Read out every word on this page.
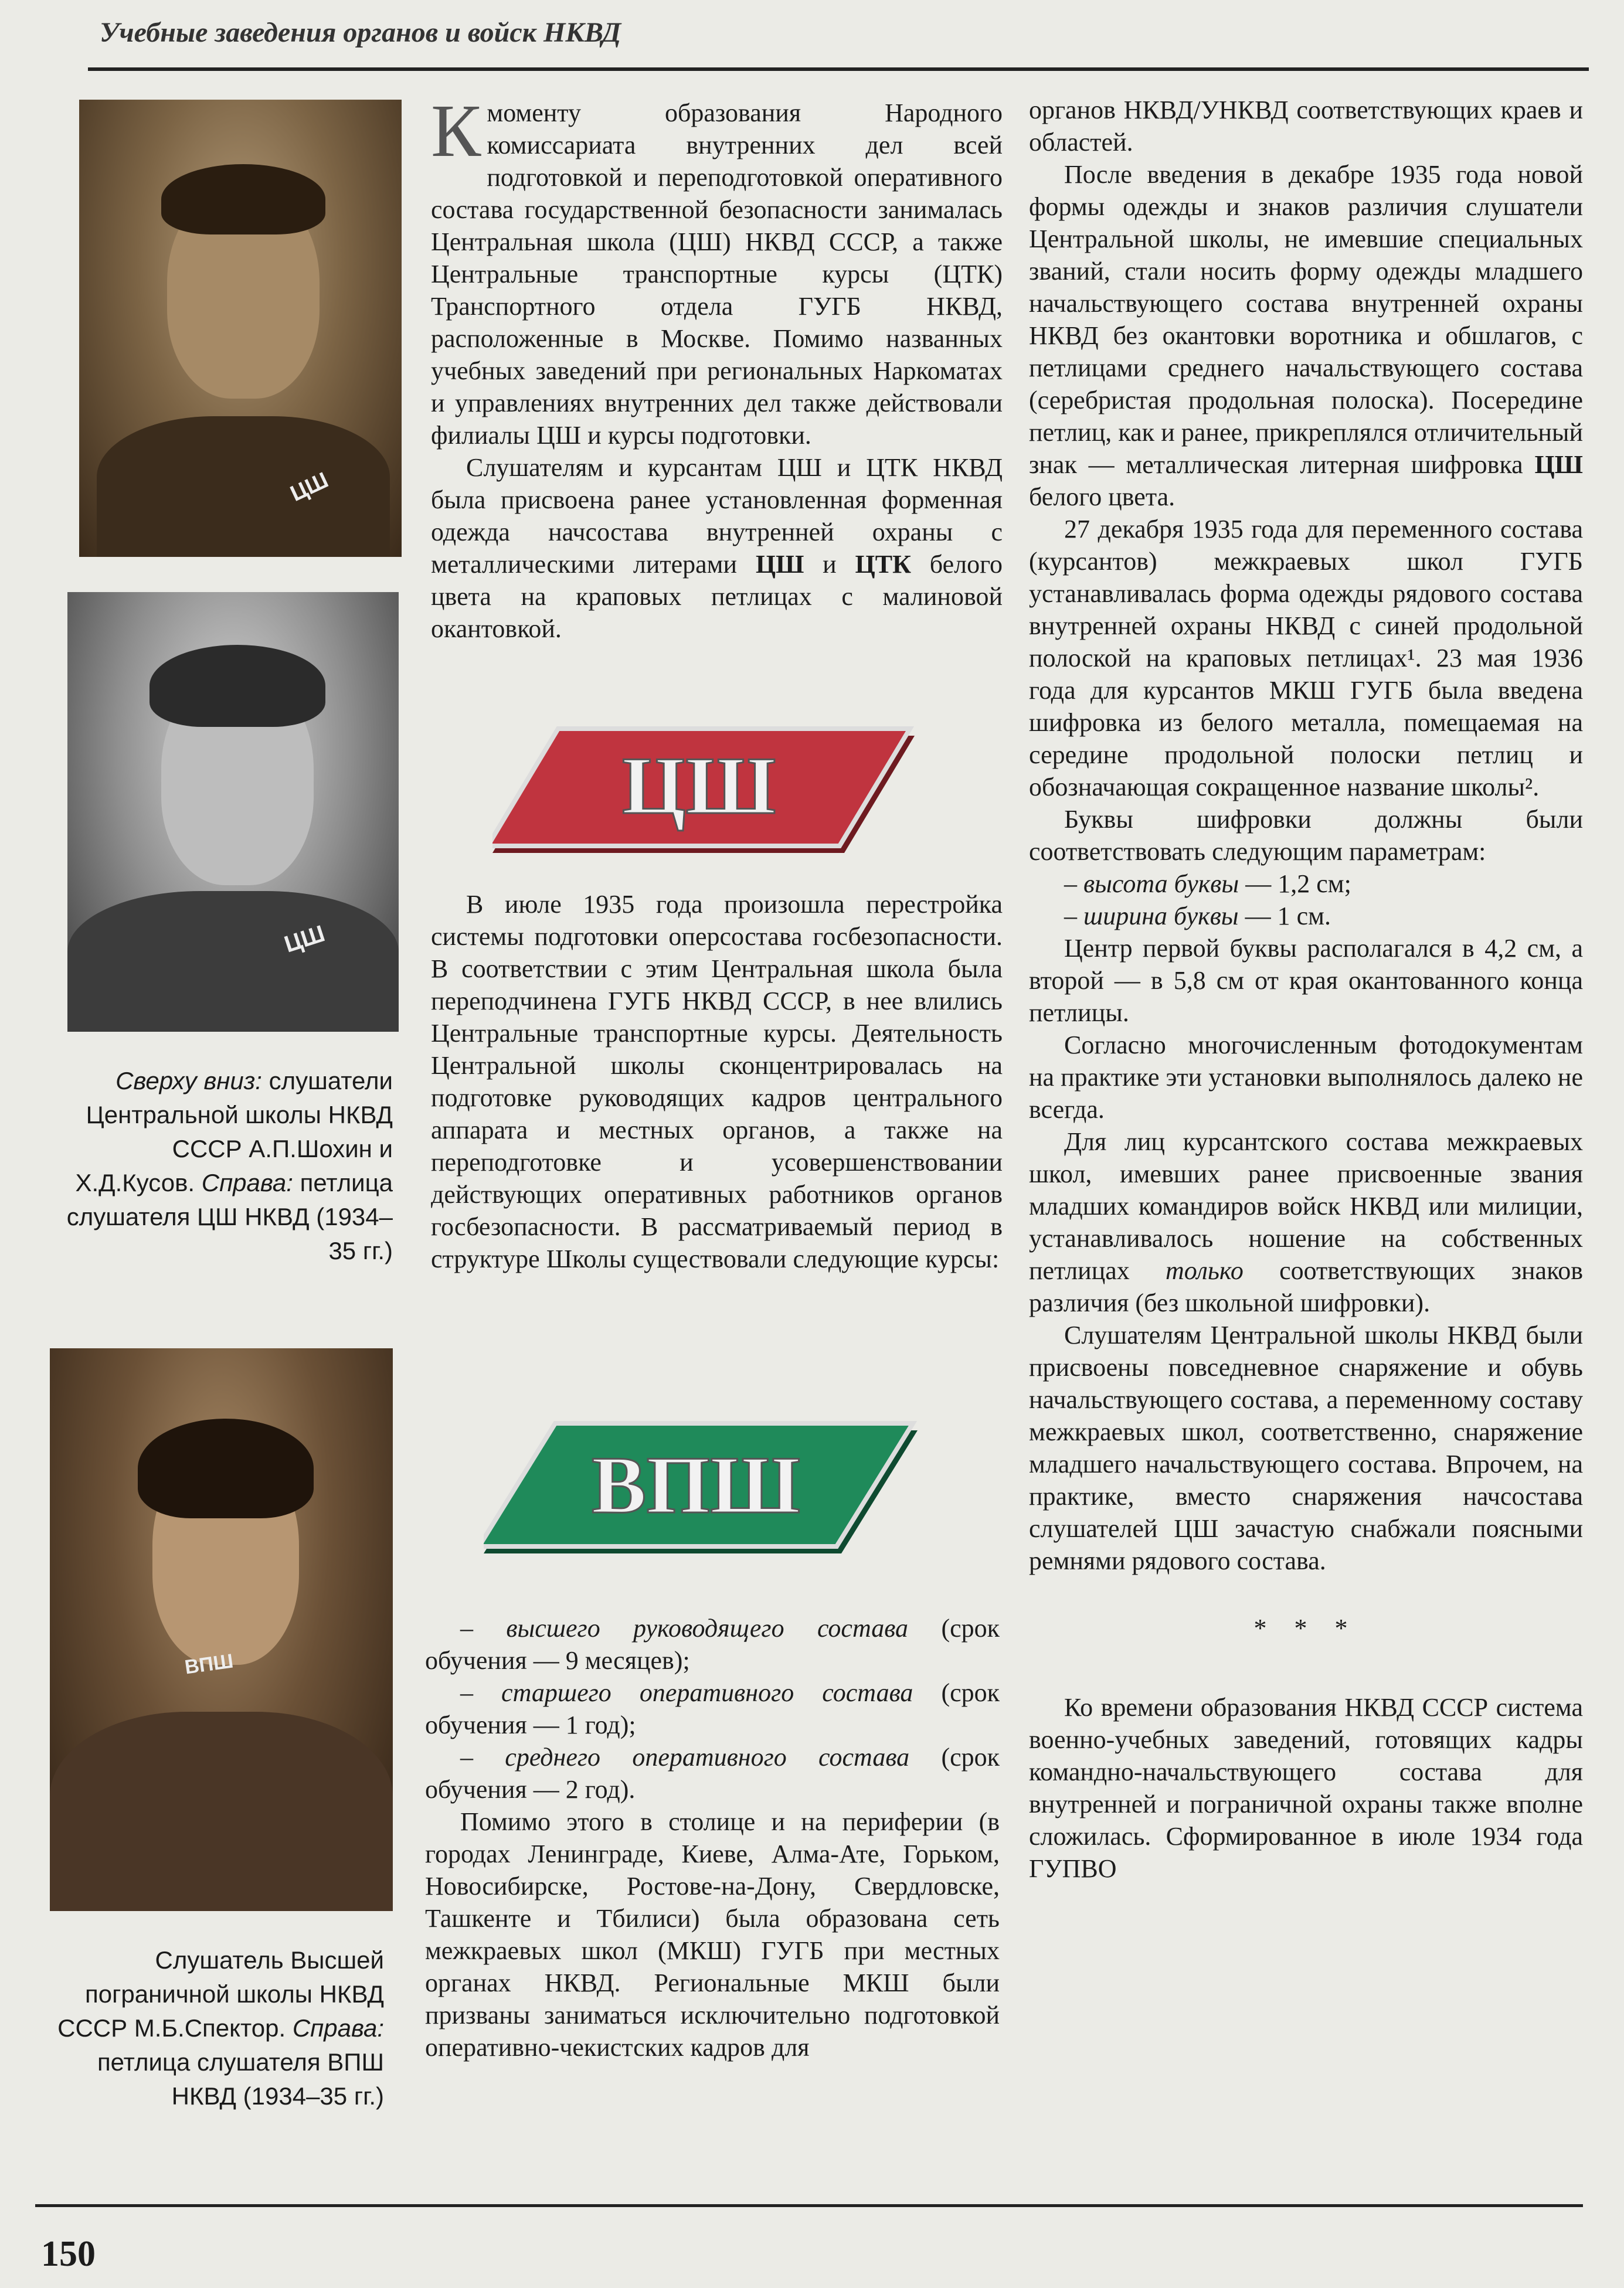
Учебные заведения органов и войск НКВД
ЦШ
ЦШ
Сверху вниз: слушатели Центральной школы НКВД СССР А.П.Шохин и Х.Д.Кусов. Справа: петлица слушателя ЦШ НКВД (1934–35 гг.)
ВПШ
Слушатель Высшей пограничной школы НКВД СССР М.Б.Спектор. Справа: петлица слушателя ВПШ НКВД (1934–35 гг.)

К моменту образования Народного комиссариата внутренних дел всей подготовкой и переподготовкой оперативного состава государственной безопасности занималась Центральная школа (ЦШ) НКВД СССР, а также Центральные транспортные курсы (ЦТК) Транспортного отдела ГУГБ НКВД, расположенные в Москве. Помимо названных учебных заведений при региональных Наркоматах и управлениях внутренних дел также действовали филиалы ЦШ и курсы подготовки.

Слушателям и курсантам ЦШ и ЦТК НКВД была присвоена ранее установленная форменная одежда начсостава внутренней охраны с металлическими литерами ЦШ и ЦТК белого цвета на краповых петлицах с малиновой окантовкой.

ЦШ

В июле 1935 года произошла перестройка системы подготовки оперсостава госбезопасности. В соответствии с этим Центральная школа была переподчинена ГУГБ НКВД СССР, в нее влились Центральные транспортные курсы. Деятельность Центральной школы сконцентрировалась на подготовке руководящих кадров центрального аппарата и местных органов, а также на переподготовке и усовершенствовании действующих оперативных работников органов госбезопасности. В рассматриваемый период в структуре Школы существовали следующие курсы:

ВПШ

– высшего руководящего состава (срок обучения — 9 месяцев);

– старшего оперативного состава (срок обучения — 1 год);

– среднего оперативного состава (срок обучения — 2 год).

Помимо этого в столице и на периферии (в городах Ленинграде, Киеве, Алма-Ате, Горьком, Новосибирске, Ростове-на-Дону, Свердловске, Ташкенте и Тбилиси) была образована сеть межкраевых школ (МКШ) ГУГБ при местных органах НКВД. Региональные МКШ были призваны заниматься исключительно подготовкой оперативно-чекистских кадров для

органов НКВД/УНКВД соответствующих краев и областей.

После введения в декабре 1935 года новой формы одежды и знаков различия слушатели Центральной школы, не имевшие специальных званий, стали носить форму одежды младшего начальствующего состава внутренней охраны НКВД без окантовки воротника и обшлагов, с петлицами среднего начальствующего состава (серебристая продольная полоска). Посередине петлиц, как и ранее, прикреплялся отличительный знак — металлическая литерная шифровка ЦШ белого цвета.

27 декабря 1935 года для переменного состава (курсантов) межкраевых школ ГУГБ устанавливалась форма одежды рядового состава внутренней охраны НКВД с синей продольной полоской на краповых петлицах¹. 23 мая 1936 года для курсантов МКШ ГУГБ была введена шифровка из белого металла, помещаемая на середине продольной полоски петлиц и обозначающая сокращенное название школы².

Буквы шифровки должны были соответствовать следующим параметрам:

– высота буквы — 1,2 см;

– ширина буквы — 1 см.

Центр первой буквы располагался в 4,2 см, а второй — в 5,8 см от края окантованного конца петлицы.

Согласно многочисленным фотодокументам на практике эти установки выполнялось далеко не всегда.

Для лиц курсантского состава межкраевых школ, имевших ранее присвоенные звания младших командиров войск НКВД или милиции, устанавливалось ношение на собственных петлицах только соответствующих знаков различия (без школьной шифровки).

Слушателям Центральной школы НКВД были присвоены повседневное снаряжение и обувь начальствующего состава, а переменному составу межкраевых школ, соответственно, снаряжение младшего начальствующего состава. Впрочем, на практике, вместо снаряжения начсостава слушателей ЦШ зачастую снабжали поясными ремнями рядового состава.

* * *

Ко времени образования НКВД СССР система военно-учебных заведений, готовящих кадры командно-начальствующего состава для внутренней и пограничной охраны также вполне сложилась. Сформированное в июле 1934 года ГУПВО

150
